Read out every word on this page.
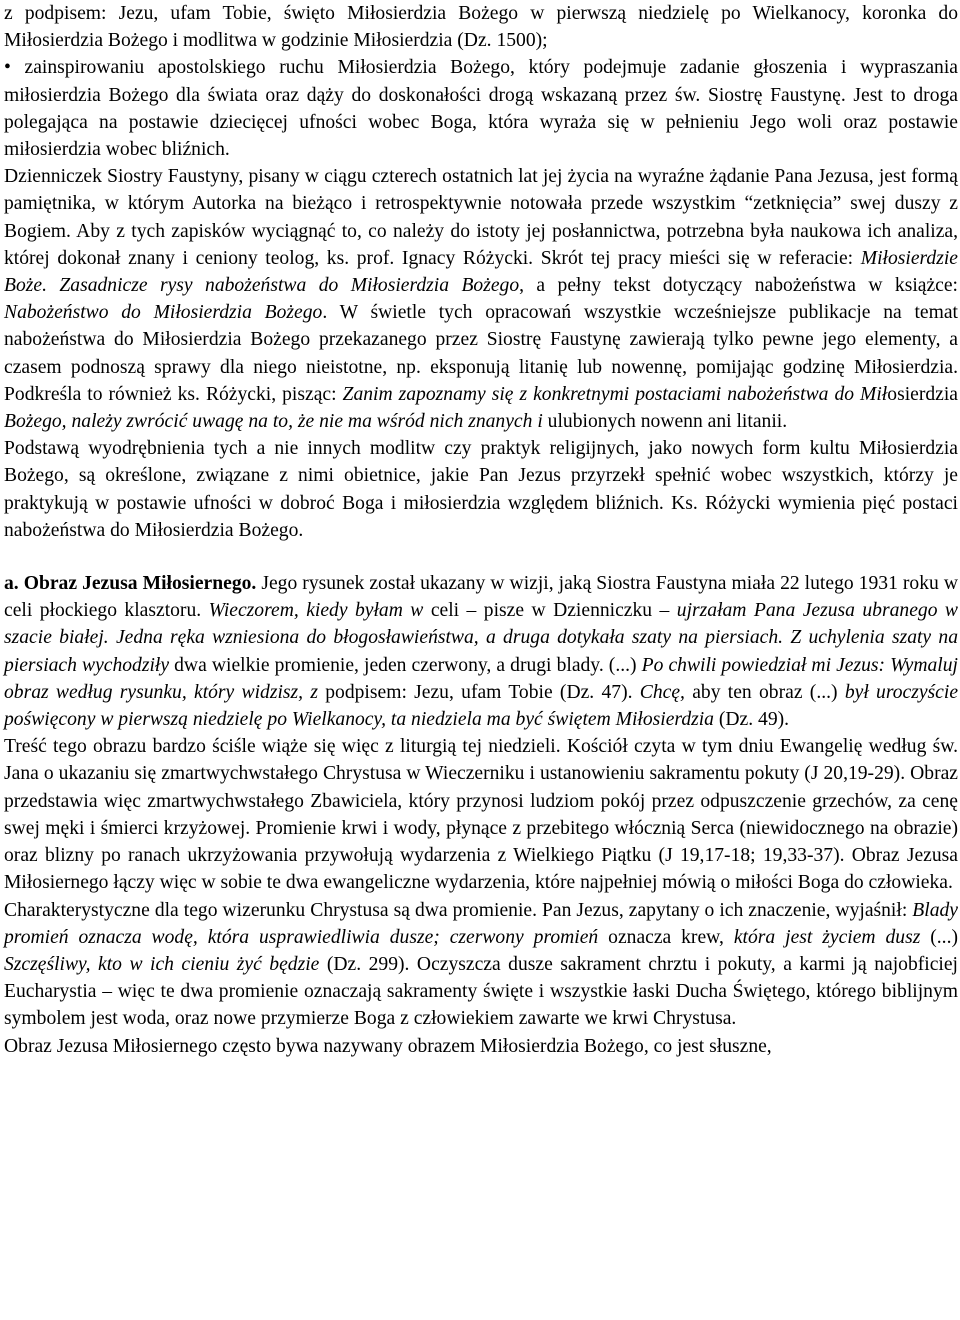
z podpisem: Jezu, ufam Tobie, święto Miłosierdzia Bożego w pierwszą niedzielę po Wielkanocy, koronka do Miłosierdzia Bożego i modlitwa w godzinie Miłosierdzia (Dz. 1500);

• zainspirowaniu apostolskiego ruchu Miłosierdzia Bożego, który podejmuje zadanie głoszenia i wypraszania miłosierdzia Bożego dla świata oraz dąży do doskonałości drogą wskazaną przez św. Siostrę Faustynę. Jest to droga polegająca na postawie dziecięcej ufności wobec Boga, która wyraża się w pełnieniu Jego woli oraz postawie miłosierdzia wobec bliźnich.

Dzienniczek Siostry Faustyny, pisany w ciągu czterech ostatnich lat jej życia na wyraźne żądanie Pana Jezusa, jest formą pamiętnika, w którym Autorka na bieżąco i retrospektywnie notowała przede wszystkim “zetknięcia” swej duszy z Bogiem. Aby z tych zapisków wyciągnąć to, co należy do istoty jej posłannictwa, potrzebna była naukowa ich analiza, której dokonał znany i ceniony teolog, ks. prof. Ignacy Różycki. Skrót tej pracy mieści się w referacie: Miłosierdzie Boże. Zasadnicze rysy nabożeństwa do Miłosierdzia Bożego, a pełny tekst dotyczący nabożeństwa w książce: Nabożeństwo do Miłosierdzia Bożego. W świetle tych opracowań wszystkie wcześniejsze publikacje na temat nabożeństwa do Miłosierdzia Bożego przekazanego przez Siostrę Faustynę zawierają tylko pewne jego elementy, a czasem podnoszą sprawy dla niego nieistotne, np. eksponują litanię lub nowennę, pomijając godzinę Miłosierdzia. Podkreśla to również ks. Różycki, pisząc: Zanim zapoznamy się z konkretnymi postaciami nabożeństwa do Miłosierdzia Bożego, należy zwrócić uwagę na to, że nie ma wśród nich znanych i ulubionych nowenn ani litanii.

Podstawą wyodrębnienia tych a nie innych modlitw czy praktyk religijnych, jako nowych form kultu Miłosierdzia Bożego, są określone, związane z nimi obietnice, jakie Pan Jezus przyrzekł spełnić wobec wszystkich, którzy je praktykują w postawie ufności w dobroć Boga i miłosierdzia względem bliźnich. Ks. Różycki wymienia pięć postaci nabożeństwa do Miłosierdzia Bożego.

a. Obraz Jezusa Miłosiernego. Jego rysunek został ukazany w wizji, jaką Siostra Faustyna miała 22 lutego 1931 roku w celi płockiego klasztoru. Wieczorem, kiedy byłam w celi – pisze w Dzienniczku – ujrzałam Pana Jezusa ubranego w szacie białej. Jedna ręka wzniesiona do błogosławieństwa, a druga dotykała szaty na piersiach. Z uchylenia szaty na piersiach wychodziły dwa wielkie promienie, jeden czerwony, a drugi blady. (...) Po chwili powiedział mi Jezus: Wymaluj obraz według rysunku, który widzisz, z podpisem: Jezu, ufam Tobie (Dz. 47). Chcę, aby ten obraz (...) był uroczyście poświęcony w pierwszą niedzielę po Wielkanocy, ta niedziela ma być świętem Miłosierdzia (Dz. 49).

Treść tego obrazu bardzo ściśle wiąże się więc z liturgią tej niedzieli. Kościół czyta w tym dniu Ewangelię według św. Jana o ukazaniu się zmartwychwstałego Chrystusa w Wieczerniku i ustanowieniu sakramentu pokuty (J 20,19-29). Obraz przedstawia więc zmartwychwstałego Zbawiciela, który przynosi ludziom pokój przez odpuszczenie grzechów, za cenę swej męki i śmierci krzyżowej. Promienie krwi i wody, płynące z przebitego włócznią Serca (niewidocznego na obrazie) oraz blizny po ranach ukrzyżowania przywołują wydarzenia z Wielkiego Piątku (J 19,17-18; 19,33-37). Obraz Jezusa Miłosiernego łączy więc w sobie te dwa ewangeliczne wydarzenia, które najpełniej mówią o miłości Boga do człowieka.

Charakterystyczne dla tego wizerunku Chrystusa są dwa promienie. Pan Jezus, zapytany o ich znaczenie, wyjaśnił: Blady promień oznacza wodę, która usprawiedliwia dusze; czerwony promień oznacza krew, która jest życiem dusz (...) Szczęśliwy, kto w ich cieniu żyć będzie (Dz. 299). Oczyszcza dusze sakrament chrztu i pokuty, a karmi ją najobficiej Eucharystia – więc te dwa promienie oznaczają sakramenty święte i wszystkie łaski Ducha Świętego, którego biblijnym symbolem jest woda, oraz nowe przymierze Boga z człowiekiem zawarte we krwi Chrystusa.

Obraz Jezusa Miłosiernego często bywa nazywany obrazem Miłosierdzia Bożego, co jest słuszne,
